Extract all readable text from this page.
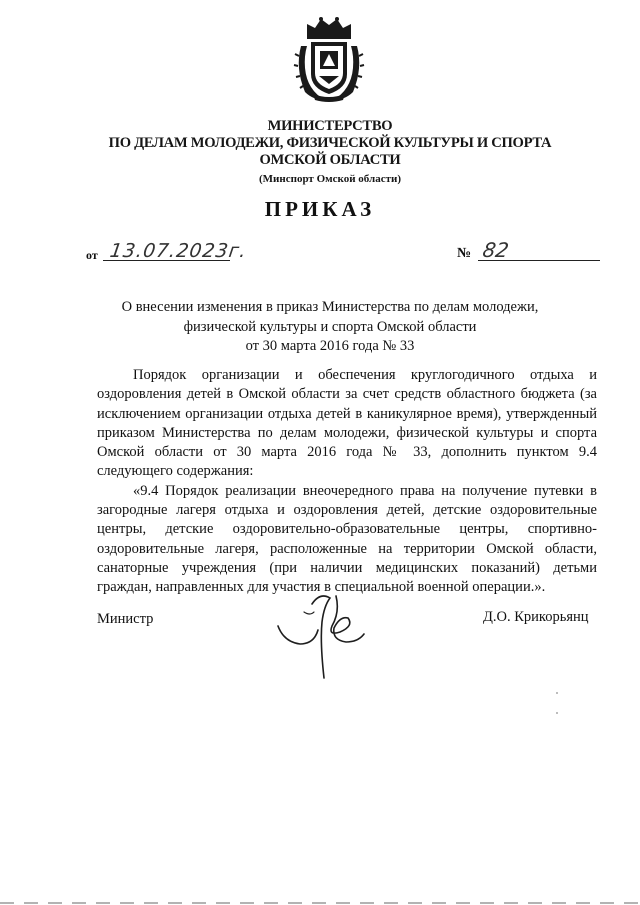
МИНИСТЕРСТВО
ПО ДЕЛАМ МОЛОДЕЖИ, ФИЗИЧЕСКОЙ КУЛЬТУРЫ И СПОРТА
ОМСКОЙ ОБЛАСТИ
(Минспорт Омской области)
ПРИКАЗ
от 13.07.2023г.	№ 82
О внесении изменения в приказ Министерства по делам молодежи,
физической культуры и спорта Омской области
от 30 марта 2016 года № 33

Порядок организации и обеспечения круглогодичного отдыха и оздоровления детей в Омской области за счет средств областного бюджета (за исключением организации отдыха детей в каникулярное время), утвержденный приказом Министерства по делам молодежи, физической культуры и спорта Омской области от 30 марта 2016 года № 33, дополнить пунктом 9.4 следующего содержания:

«9.4 Порядок реализации внеочередного права на получение путевки в загородные лагеря отдыха и оздоровления детей, детские оздоровительные центры, детские оздоровительно-образовательные центры, спортивно-оздоровительные лагеря, расположенные на территории Омской области, санаторные учреждения (при наличии медицинских показаний) детьми граждан, направленных для участия в специальной военной операции.».

Министр	Д.О. Крикорьянц
